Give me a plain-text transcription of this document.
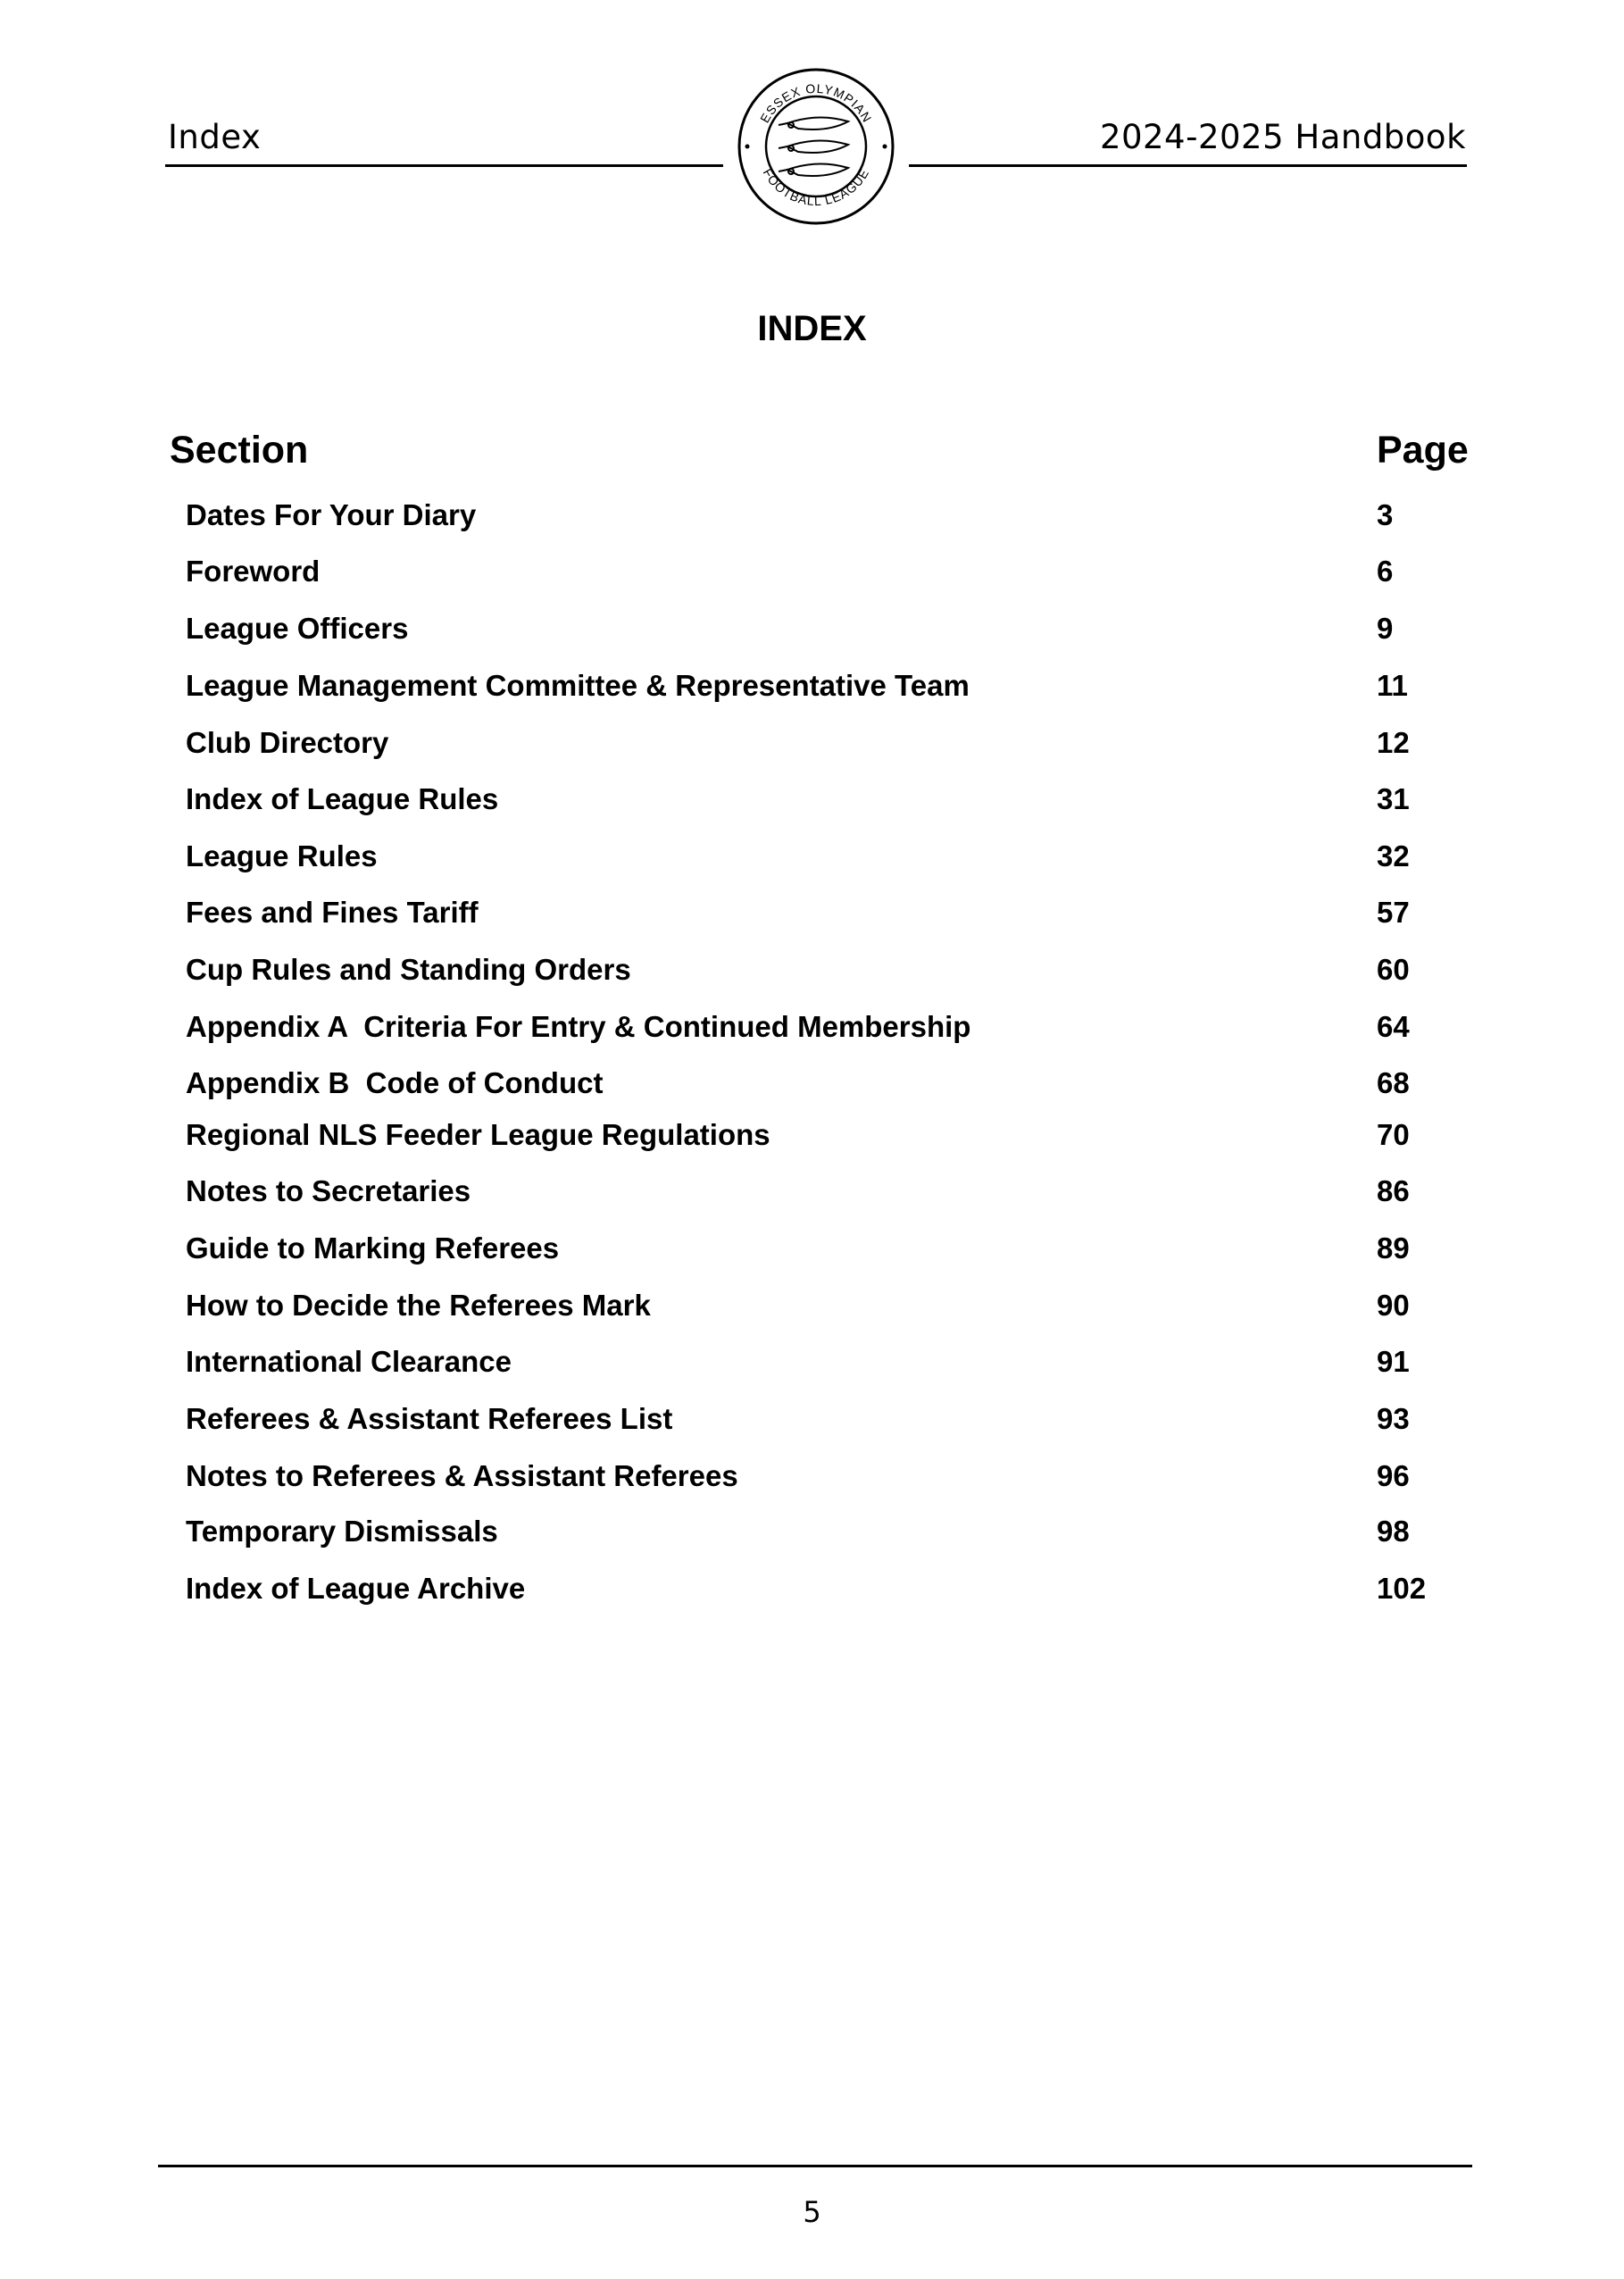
Index
ESSEX OLYMPIAN
FOOTBALL LEAGUE
2024-2025 Handbook
INDEX
Section	Page
Dates For Your Diary	3
Foreword	6
League Officers	9
League Management Committee & Representative Team	11
Club Directory	12
Index of League Rules	31
League Rules	32
Fees and Fines Tariff	57
Cup Rules and Standing Orders	60
Appendix A  Criteria For Entry & Continued Membership	64
Appendix B  Code of Conduct	68
Regional NLS Feeder League Regulations	70
Notes to Secretaries	86
Guide to Marking Referees	89
How to Decide the Referees Mark	90
International Clearance	91
Referees & Assistant Referees List	93
Notes to Referees & Assistant Referees	96
Temporary Dismissals	98
Index of League Archive	102
5
